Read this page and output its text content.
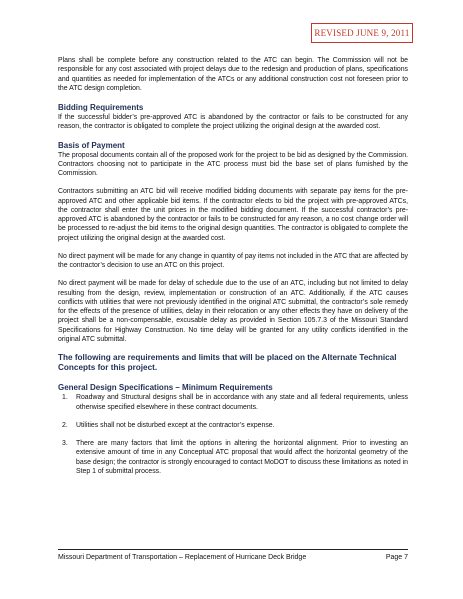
REVISED JUNE 9, 2011

Plans shall be complete before any construction related to the ATC can begin. The Commission will not be responsible for any cost associated with project delays due to the redesign and production of plans, specifications and quantities as needed for implementation of the ATCs or any additional construction cost not foreseen prior to the ATC design completion.

Bidding Requirements

If the successful bidder’s pre-approved ATC is abandoned by the contractor or fails to be constructed for any reason, the contractor is obligated to complete the project utilizing the original design at the awarded cost.

Basis of Payment

The proposal documents contain all of the proposed work for the project to be bid as designed by the Commission. Contractors choosing not to participate in the ATC process must bid the base set of plans furnished by the Commission.

Contractors submitting an ATC bid will receive modified bidding documents with separate pay items for the pre-approved ATC and other applicable bid items. If the contractor elects to bid the project with pre-approved ATCs, the contractor shall enter the unit prices in the modified bidding document. If the successful contractor’s pre-approved ATC is abandoned by the contractor or fails to be constructed for any reason, a no cost change order will be processed to re-adjust the bid items to the original design quantities. The contractor is obligated to complete the project utilizing the original design at the awarded cost.

No direct payment will be made for any change in quantity of pay items not included in the ATC that are affected by the contractor’s decision to use an ATC on this project.

No direct payment will be made for delay of schedule due to the use of an ATC, including but not limited to delay resulting from the design, review, implementation or construction of an ATC. Additionally, if the ATC causes conflicts with utilities that were not previously identified in the original ATC submittal, the contractor’s sole remedy for the effects of the presence of utilities, delay in their relocation or any other effects they have on delivery of the project shall be a non-compensable, excusable delay as provided in Section 105.7.3 of the Missouri Standard Specifications for Highway Construction. No time delay will be granted for any utility conflicts identified in the original ATC submittal.

The following are requirements and limits that will be placed on the Alternate Technical Concepts for this project.
General Design Specifications – Minimum Requirements
1.	Roadway and Structural designs shall be in accordance with any state and all federal requirements, unless otherwise specified elsewhere in these contract documents.
2.	Utilities shall not be disturbed except at the contractor’s expense.
3.	There are many factors that limit the options in altering the horizontal alignment. Prior to investing an extensive amount of time in any Conceptual ATC proposal that would affect the horizontal geometry of the base design; the contractor is strongly encouraged to contact MoDOT to discuss these limitations as noted in Step 1 of submittal process.
Missouri Department of Transportation – Replacement of Hurricane Deck Bridge	Page 7
